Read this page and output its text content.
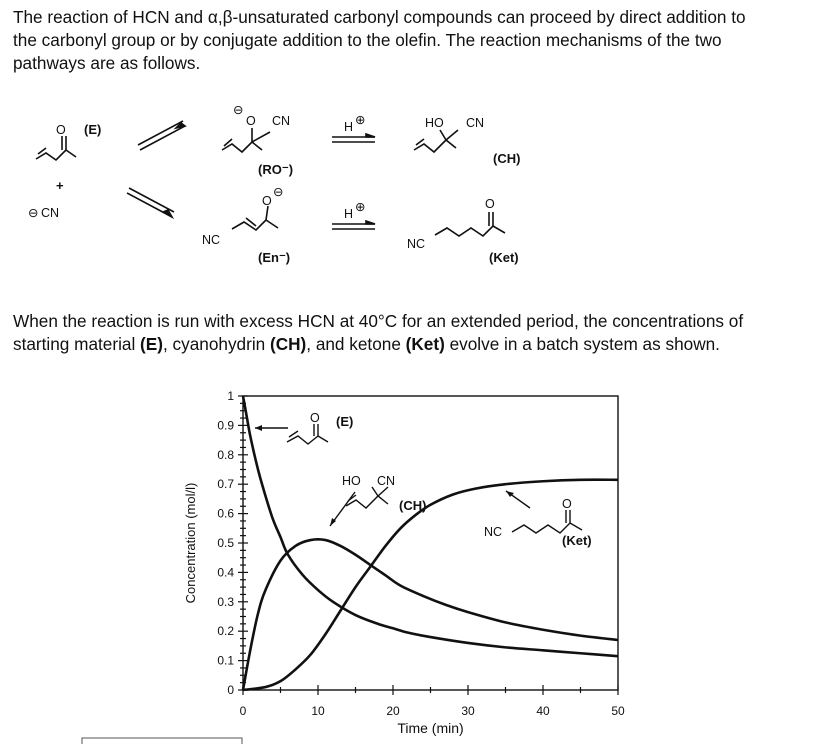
The reaction of HCN and α,β-unsaturated carbonyl compounds can proceed by direct addition to
the carbonyl group or by conjugate addition to the olefin. The reaction mechanisms of the two
pathways are as follows.

When the reaction is run with excess HCN at 40°C for an extended period, the concentrations of
starting material (E), cyanohydrin (CH), and ketone (Ket) evolve in a batch system as shown.

O (E)
+
⊖ CN
⊖
O CN
(RO⁻)
H ⊕	HO CN
(CH)
NC
O
⊖
(En⁻)
H ⊕
NC
O
(Ket)
0
0.1
0.2
0.3
0.4
0.5
0.6
0.7
0.8
0.9
1
0	10	20	30	40	50
Time (min)
Concentration (mol/l)
O (E)
HO CN
(CH)
NC
O
(Ket)
